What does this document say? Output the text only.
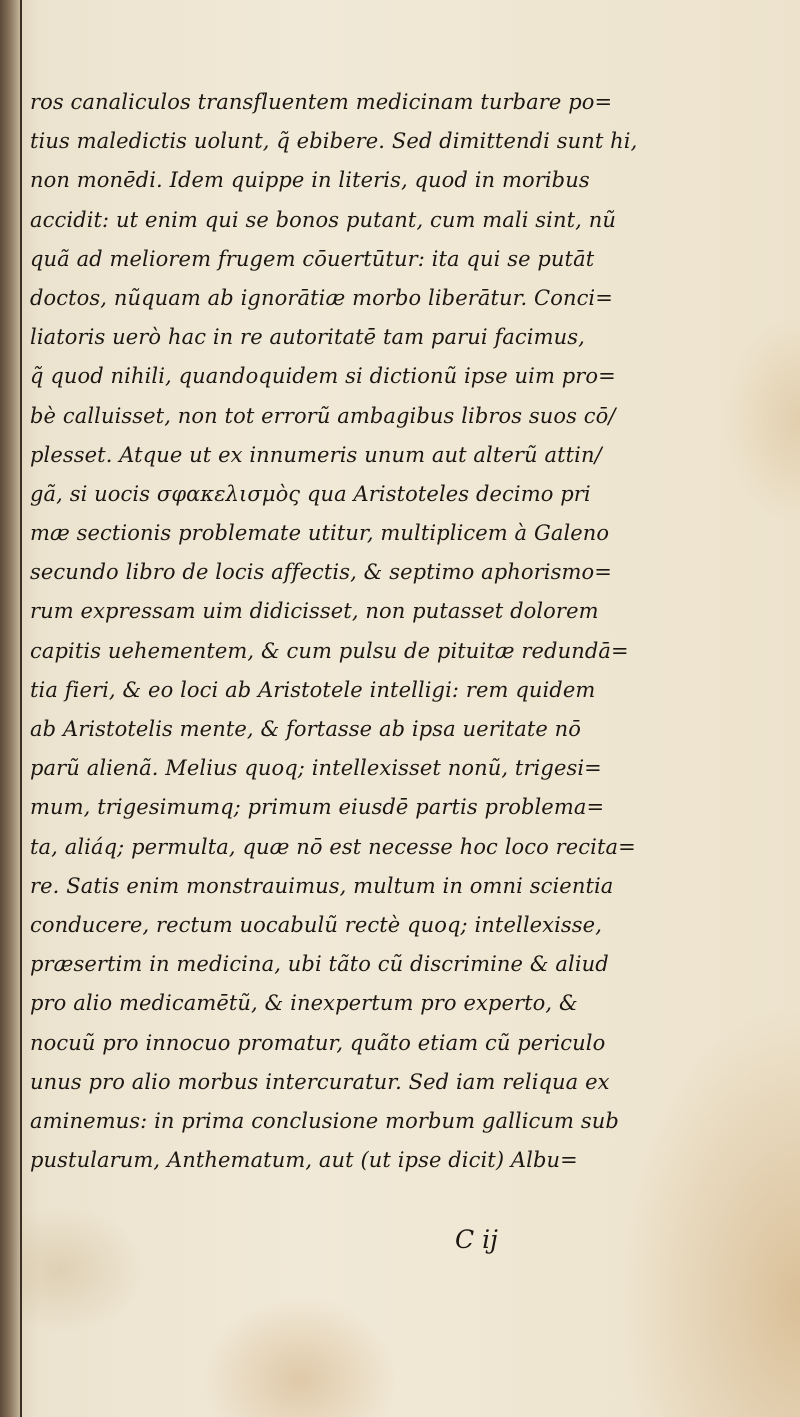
ros canaliculos transfluentem medicinam turbare po=
tius maledictis uolunt, q̃ ebibere. Sed dimittendi sunt hi,
non monēdi. Idem quippe in literis, quod in moribus
accidit: ut enim qui se bonos putant, cum mali sint, nũ
quã ad meliorem frugem cōuertūtur: ita qui se putāt
doctos, nũquam ab ignorātiæ morbo liberātur. Conci=
liatoris uerò hac in re autoritatē tam parui facimus,
q̃ quod nihili, quandoquidem si dictionũ ipse uim pro=
bè calluisset, non tot errorũ ambagibus libros suos cō/
plesset. Atque ut ex innumeris unum aut alterũ attin/
gã, si uocis σφακελισμὸς qua Aristoteles decimo pri
mæ sectionis problemate utitur, multiplicem à Galeno
secundo libro de locis affectis, & septimo aphorismo=
rum expressam uim didicisset, non putasset dolorem
capitis uehementem, & cum pulsu de pituitæ redundā=
tia fieri, & eo loci ab Aristotele intelligi: rem quidem
ab Aristotelis mente, & fortasse ab ipsa ueritate nō
parũ alienã. Melius quoq; intellexisset nonũ, trigesi=
mum, trigesimumq; primum eiusdē partis problema=
ta, aliáq; permulta, quæ nō est necesse hoc loco recita=
re. Satis enim monstrauimus, multum in omni scientia
conducere, rectum uocabulũ rectè quoq; intellexisse,
præsertim in medicina, ubi tãto cũ discrimine & aliud
pro alio medicamētũ, & inexpertum pro experto, &
nocuũ pro innocuo promatur, quãto etiam cũ periculo
unus pro alio morbus intercuratur. Sed iam reliqua ex
aminemus: in prima conclusione morbum gallicum sub
pustularum, Anthematum, aut (ut ipse dicit) Albu=
C ij
